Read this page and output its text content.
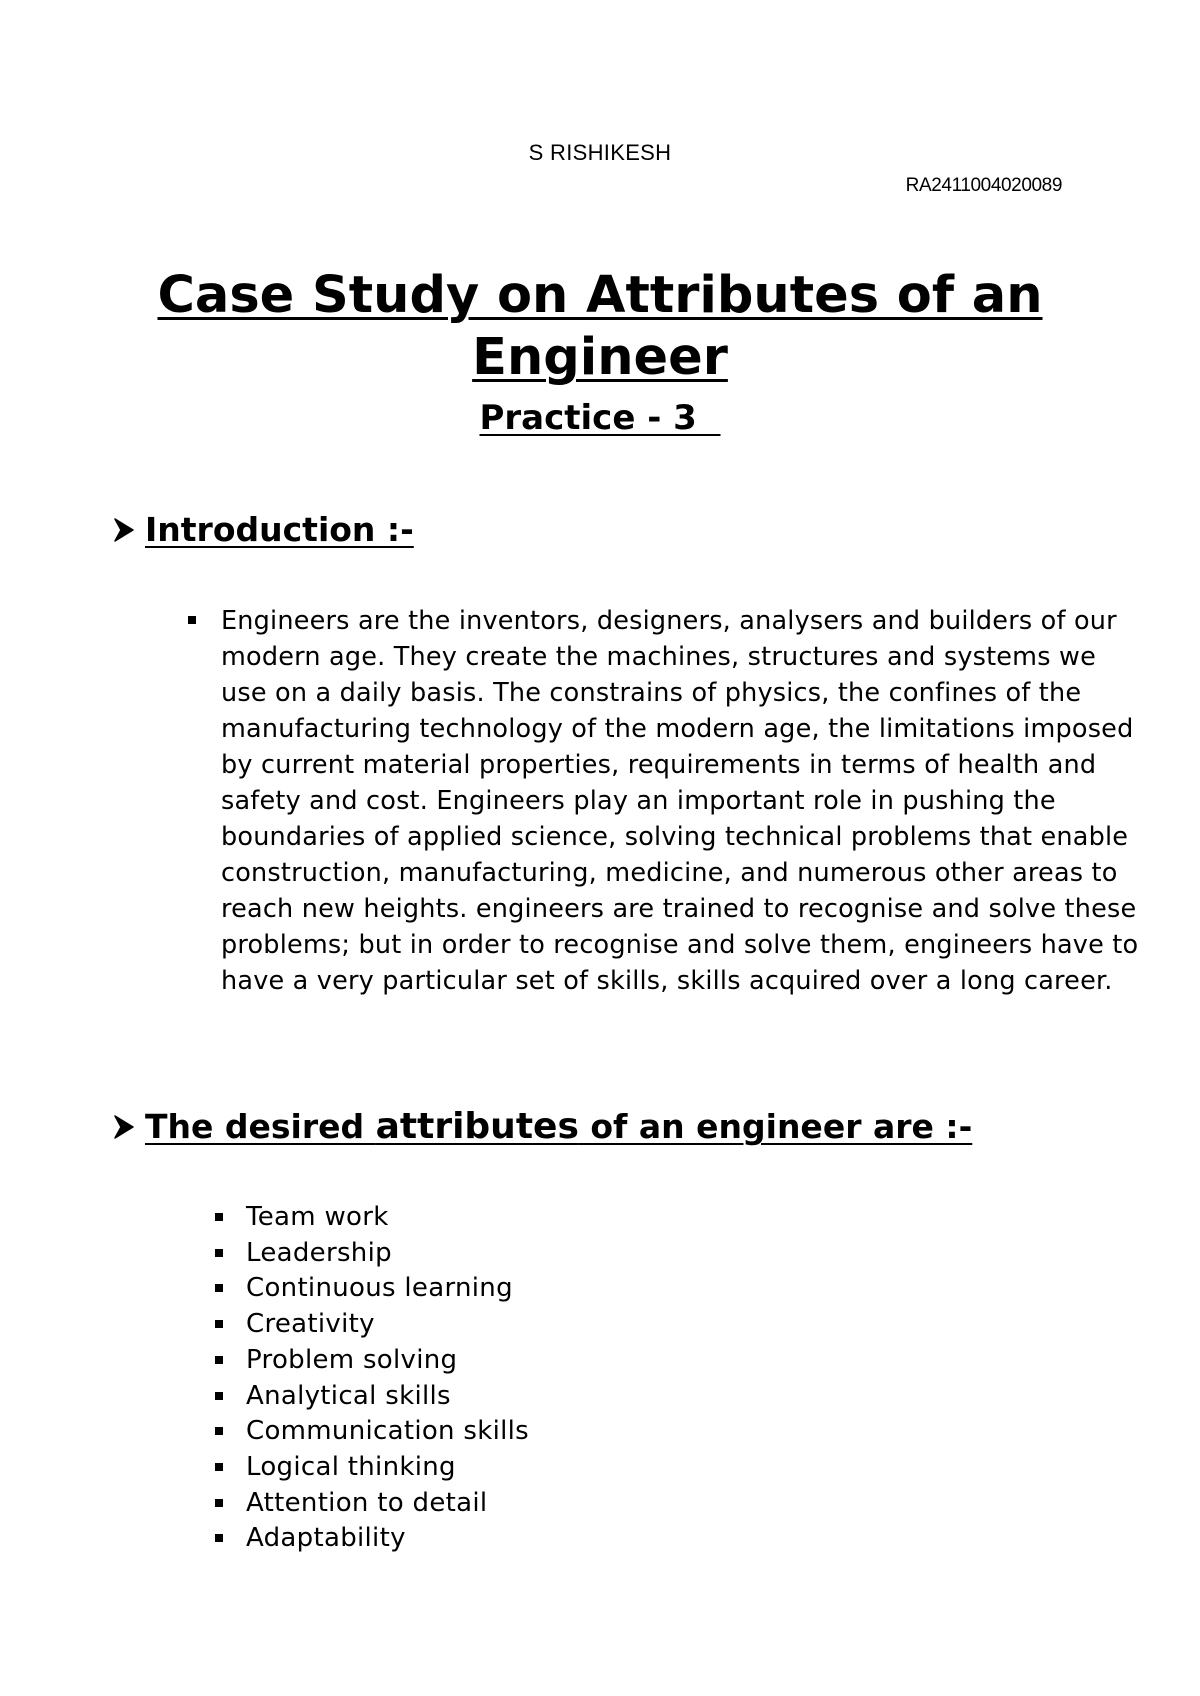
S RISHIKESH
RA2411004020089
Case Study on Attributes of an Engineer
Practice - 3
Introduction :-
Engineers are the inventors, designers, analysers and builders of our modern age. They create the machines, structures and systems we use on a daily basis. The constrains of physics, the confines of the manufacturing technology of the modern age, the limitations imposed by current material properties, requirements in terms of health and safety and cost. Engineers play an important role in pushing the boundaries of applied science, solving technical problems that enable construction, manufacturing, medicine, and numerous other areas to reach new heights. engineers are trained to recognise and solve these problems; but in order to recognise and solve them, engineers have to have a very particular set of skills, skills acquired over a long career.
The desired attributes of an engineer are :-
Team work
Leadership
Continuous learning
Creativity
Problem solving
Analytical skills
Communication skills
Logical thinking
Attention to detail
Adaptability
